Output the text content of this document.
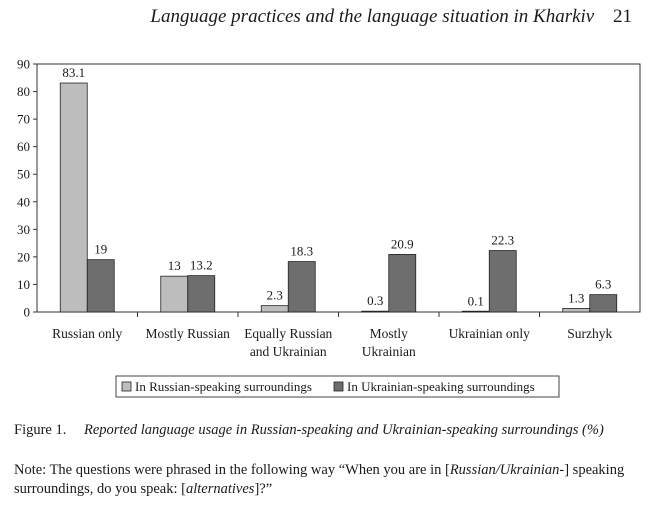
Language practices and the language situation in Kharkiv 21
0
10
20
30
40
50
60
70
80
90
Russian only Mostly Russian Equally Russian
and Ukrainian
Mostly
Ukrainian
Ukrainian only	Surzhyk
83.1
19
13 13.2
2.3
18.3
0.3
20.9
0.1
22.3
1.3
6.3
In Russian-speaking surroundings	In Ukrainian-speaking surroundings
Figure 1. Reported language usage in Russian-speaking and Ukrainian-speaking surroundings (%)
Note: The questions were phrased in the following way “When you are in [Russian/Ukrainian-] speaking surroundings, do you speak: [alternatives]?”
